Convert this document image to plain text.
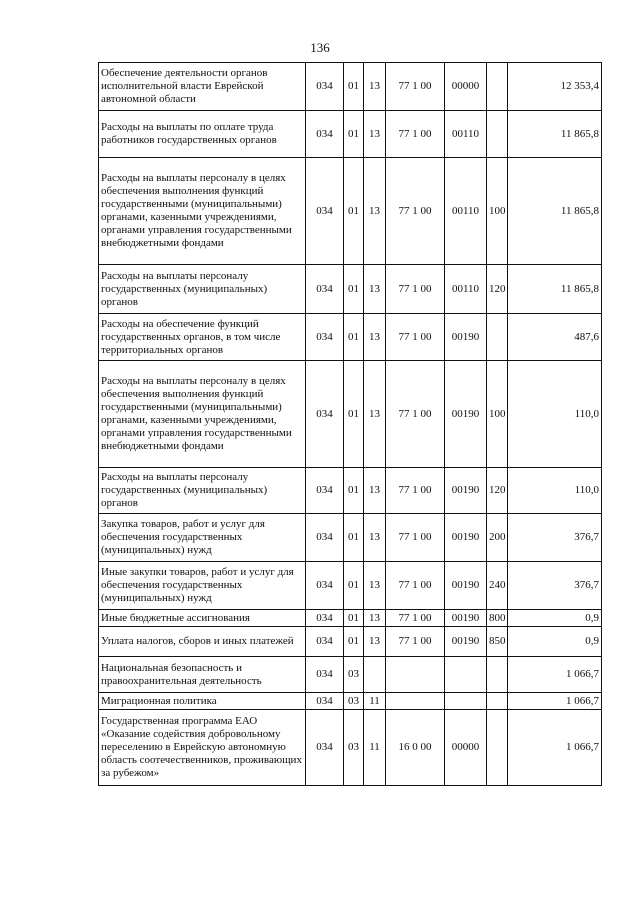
136
Обеспечение деятельности органов исполнительной власти Еврейской автономной области	034	01	13	77 1 00	00000		12 353,4
Расходы на выплаты по оплате труда работников государственных органов	034	01	13	77 1 00	00110		11 865,8
Расходы на выплаты персоналу в целях обеспечения выполнения функций государственными (муниципальными) органами, казенными учреждениями, органами управления государственными внебюджетными фондами	034	01	13	77 1 00	00110	100	11 865,8
Расходы на выплаты персоналу государственных (муниципальных) органов	034	01	13	77 1 00	00110	120	11 865,8
Расходы на обеспечение функций государственных органов, в том числе территориальных органов	034	01	13	77 1 00	00190		487,6
Расходы на выплаты персоналу в целях обеспечения выполнения функций государственными (муниципальными) органами, казенными учреждениями, органами управления государственными внебюджетными фондами	034	01	13	77 1 00	00190	100	110,0
Расходы на выплаты персоналу государственных (муниципальных) органов	034	01	13	77 1 00	00190	120	110,0
Закупка товаров, работ и услуг для обеспечения государственных (муниципальных) нужд	034	01	13	77 1 00	00190	200	376,7
Иные закупки товаров, работ и услуг для обеспечения государственных (муниципальных) нужд	034	01	13	77 1 00	00190	240	376,7
Иные бюджетные ассигнования	034	01	13	77 1 00	00190	800	0,9
Уплата налогов, сборов и иных платежей	034	01	13	77 1 00	00190	850	0,9
Национальная безопасность и правоохранительная деятельность	034	03					1 066,7
Миграционная политика	034	03	11				1 066,7
Государственная программа ЕАО «Оказание содействия добровольному переселению в Еврейскую автономную область соотечественников, проживающих за рубежом»	034	03	11	16 0 00	00000		1 066,7
